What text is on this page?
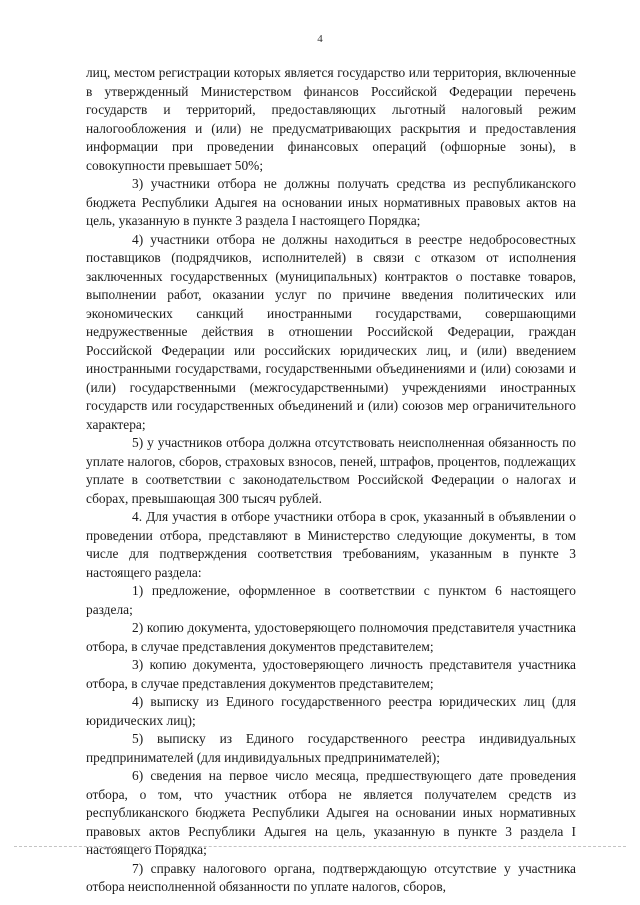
4

лиц, местом регистрации которых является государство или территория, включенные в утвержденный Министерством финансов Российской Федерации перечень государств и территорий, предоставляющих льготный налоговый режим налогообложения и (или) не предусматривающих раскрытия и предоставления информации при проведении финансовых операций (офшорные зоны), в совокупности превышает 50%;

3) участники отбора не должны получать средства из республиканского бюджета Республики Адыгея на основании иных нормативных правовых актов на цель, указанную в пункте 3 раздела I настоящего Порядка;

4) участники отбора не должны находиться в реестре недобросовестных поставщиков (подрядчиков, исполнителей) в связи с отказом от исполнения заключенных государственных (муниципальных) контрактов о поставке товаров, выполнении работ, оказании услуг по причине введения политических или экономических санкций иностранными государствами, совершающими недружественные действия в отношении Российской Федерации, граждан Российской Федерации или российских юридических лиц, и (или) введением иностранными государствами, государственными объединениями и (или) союзами и (или) государственными (межгосударственными) учреждениями иностранных государств или государственных объединений и (или) союзов мер ограничительного характера;

5) у участников отбора должна отсутствовать неисполненная обязанность по уплате налогов, сборов, страховых взносов, пеней, штрафов, процентов, подлежащих уплате в соответствии с законодательством Российской Федерации о налогах и сборах, превышающая 300 тысяч рублей.

4. Для участия в отборе участники отбора в срок, указанный в объявлении о проведении отбора, представляют в Министерство следующие документы, в том числе для подтверждения соответствия требованиям, указанным в пункте 3 настоящего раздела:

1) предложение, оформленное в соответствии с пунктом 6 настоящего раздела;

2) копию документа, удостоверяющего полномочия представителя участника отбора, в случае представления документов представителем;

3) копию документа, удостоверяющего личность представителя участника отбора, в случае представления документов представителем;

4) выписку из Единого государственного реестра юридических лиц (для юридических лиц);

5) выписку из Единого государственного реестра индивидуальных предпринимателей (для индивидуальных предпринимателей);

6) сведения на первое число месяца, предшествующего дате проведения отбора, о том, что участник отбора не является получателем средств из республиканского бюджета Республики Адыгея на основании иных нормативных правовых актов Республики Адыгея на цель, указанную в пункте 3 раздела I настоящего Порядка;

7) справку налогового органа, подтверждающую отсутствие у участника отбора неисполненной обязанности по уплате налогов, сборов,
